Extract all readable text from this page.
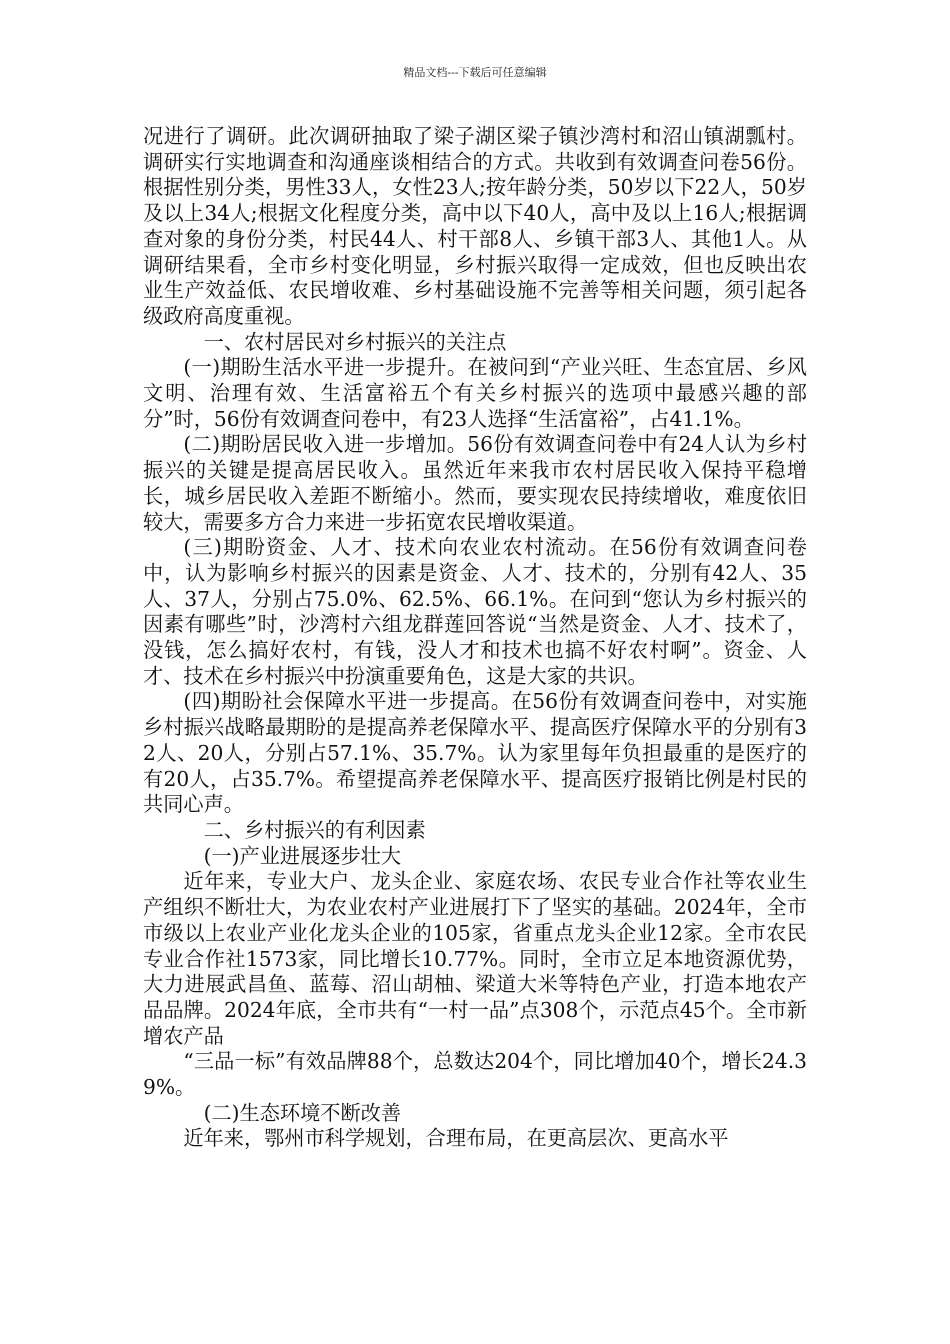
精品文档---下载后可任意编辑

况进行了调研。此次调研抽取了梁子湖区梁子镇沙湾村和沼山镇湖瓢村。调研实行实地调查和沟通座谈相结合的方式。共收到有效调查问卷56份。根据性别分类，男性33人，女性23人;按年龄分类，50岁以下22人，50岁及以上34人;根据文化程度分类，高中以下40人，高中及以上16人;根据调查对象的身份分类，村民44人、村干部8人、乡镇干部3人、其他1人。从调研结果看，全市乡村变化明显，乡村振兴取得一定成效，但也反映出农业生产效益低、农民增收难、乡村基础设施不完善等相关问题，须引起各级政府高度重视。

一、农村居民对乡村振兴的关注点

(一)期盼生活水平进一步提升。在被问到“产业兴旺、生态宜居、乡风文明、治理有效、生活富裕五个有关乡村振兴的选项中最感兴趣的部分”时，56份有效调查问卷中，有23人选择“生活富裕”，占41.1%。

(二)期盼居民收入进一步增加。56份有效调查问卷中有24人认为乡村振兴的关键是提高居民收入。虽然近年来我市农村居民收入保持平稳增长，城乡居民收入差距不断缩小。然而，要实现农民持续增收，难度依旧较大，需要多方合力来进一步拓宽农民增收渠道。

(三)期盼资金、人才、技术向农业农村流动。在56份有效调查问卷中，认为影响乡村振兴的因素是资金、人才、技术的，分别有42人、35人、37人，分别占75.0%、62.5%、66.1%。在问到“您认为乡村振兴的因素有哪些”时，沙湾村六组龙群莲回答说“当然是资金、人才、技术了，没钱，怎么搞好农村，有钱，没人才和技术也搞不好农村啊”。资金、人才、技术在乡村振兴中扮演重要角色，这是大家的共识。

(四)期盼社会保障水平进一步提高。在56份有效调查问卷中，对实施乡村振兴战略最期盼的是提高养老保障水平、提高医疗保障水平的分别有32人、20人，分别占57.1%、35.7%。认为家里每年负担最重的是医疗的有20人，占35.7%。希望提高养老保障水平、提高医疗报销比例是村民的共同心声。

二、乡村振兴的有利因素

(一)产业进展逐步壮大

近年来，专业大户、龙头企业、家庭农场、农民专业合作社等农业生产组织不断壮大，为农业农村产业进展打下了坚实的基础。2024年，全市市级以上农业产业化龙头企业的105家，省重点龙头企业12家。全市农民专业合作社1573家，同比增长10.77%。同时，全市立足本地资源优势，大力进展武昌鱼、蓝莓、沼山胡柚、梁道大米等特色产业，打造本地农产品品牌。2024年底，全市共有“一村一品”点308个，示范点45个。全市新增农产品

“三品一标”有效品牌88个，总数达204个，同比增加40个，增长24.39%。

(二)生态环境不断改善

近年来，鄂州市科学规划，合理布局，在更高层次、更高水平
